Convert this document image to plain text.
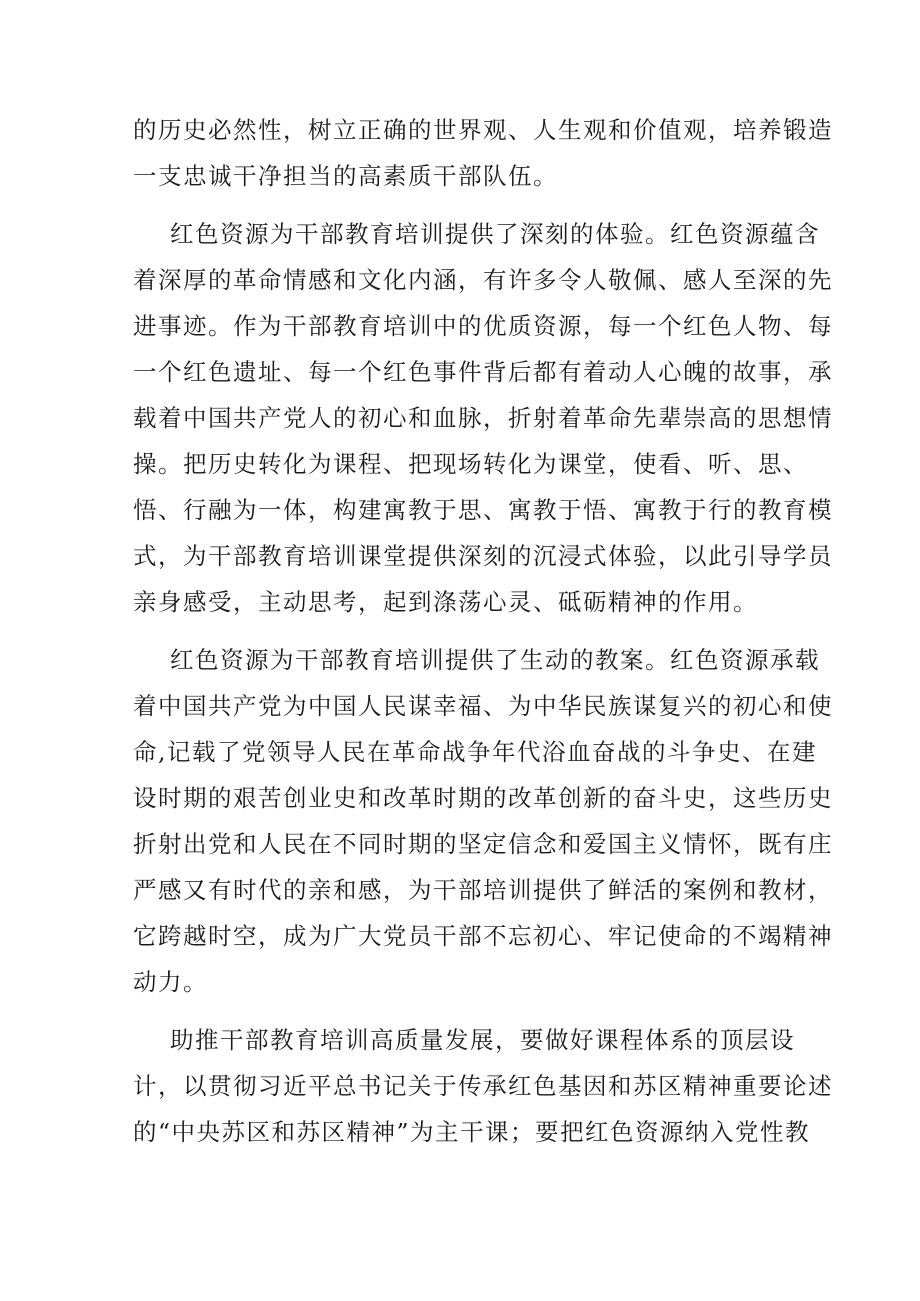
的历史必然性，树立正确的世界观、人生观和价值观，培养锻造
一支忠诚干净担当的高素质干部队伍。
红色资源为干部教育培训提供了深刻的体验。红色资源蕴含
着深厚的革命情感和文化内涵，有许多令人敬佩、感人至深的先
进事迹。作为干部教育培训中的优质资源，每一个红色人物、每
一个红色遗址、每一个红色事件背后都有着动人心魄的故事，承
载着中国共产党人的初心和血脉，折射着革命先辈崇高的思想情
操。把历史转化为课程、把现场转化为课堂，使看、听、思、
悟、行融为一体，构建寓教于思、寓教于悟、寓教于行的教育模
式，为干部教育培训课堂提供深刻的沉浸式体验，以此引导学员
亲身感受，主动思考，起到涤荡心灵、砥砺精神的作用。
红色资源为干部教育培训提供了生动的教案。红色资源承载
着中国共产党为中国人民谋幸福、为中华民族谋复兴的初心和使
命,记载了党领导人民在革命战争年代浴血奋战的斗争史、在建
设时期的艰苦创业史和改革时期的改革创新的奋斗史，这些历史
折射出党和人民在不同时期的坚定信念和爱国主义情怀，既有庄
严感又有时代的亲和感，为干部培训提供了鲜活的案例和教材，
它跨越时空，成为广大党员干部不忘初心、牢记使命的不竭精神
动力。
助推干部教育培训高质量发展，要做好课程体系的顶层设
计，以贯彻习近平总书记关于传承红色基因和苏区精神重要论述
的“中央苏区和苏区精神”为主干课；要把红色资源纳入党性教
